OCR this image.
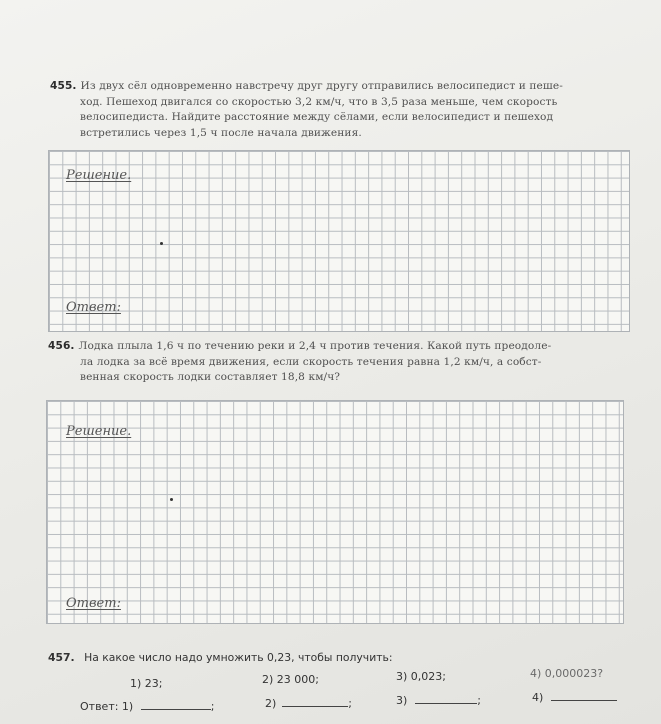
455. Из двух сёл одновременно навстречу друг другу отправились велосипедист и пеше-
ход. Пешеход двигался со скоростью 3,2 км/ч, что в 3,5 раза меньше, чем скорость
велосипедиста. Найдите расстояние между сёлами, если велосипедист и пешеход
встретились через 1,5 ч после начала движения.
Решение.
Ответ:
456. Лодка плыла 1,6 ч по течению реки и 2,4 ч против течения. Какой путь преодоле-
ла лодка за всё время движения, если скорость течения равна 1,2 км/ч, а собст-
венная скорость лодки составляет 18,8 км/ч?
Решение.
Ответ:
457. На какое число надо умножить 0,23, чтобы получить:
1) 23;	2) 23 000;	3) 0,023;	4) 0,000023?
Ответ: 1)	;	2)	;	3)	;	4)
